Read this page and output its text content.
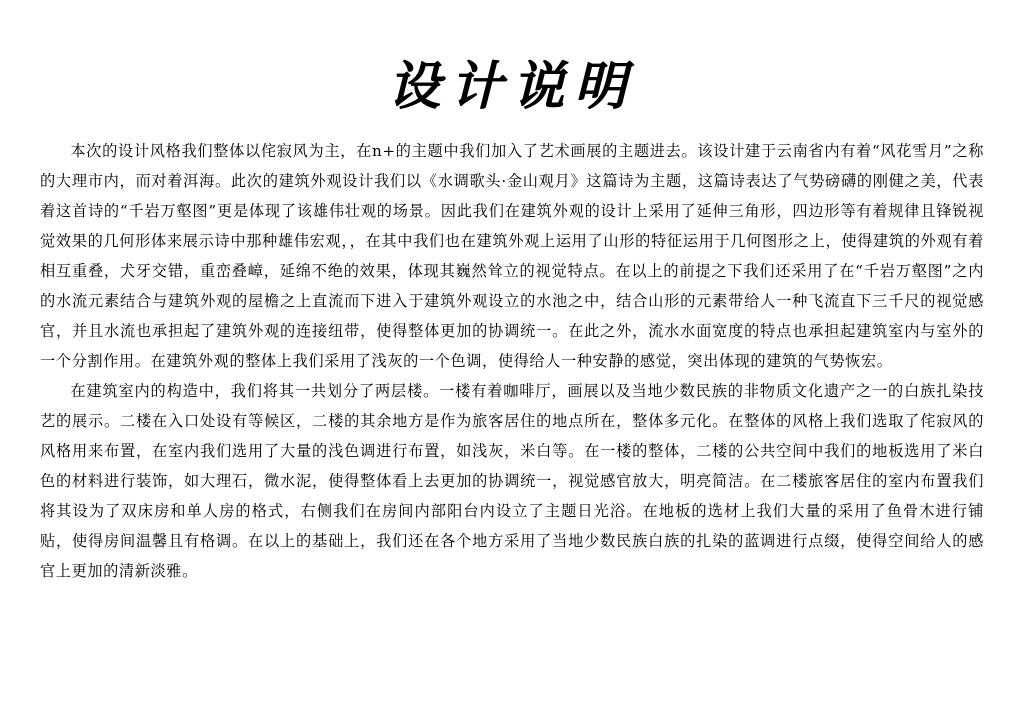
设计说明

本次的设计风格我们整体以侘寂风为主，在n+的主题中我们加入了艺术画展的主题进去。该设计建于云南省内有着“风花雪月”之称的大理市内，而对着洱海。此次的建筑外观设计我们以《水调歌头·金山观月》这篇诗为主题，这篇诗表达了气势磅礴的刚健之美，代表着这首诗的“千岩万壑图”更是体现了该雄伟壮观的场景。因此我们在建筑外观的设计上采用了延伸三角形，四边形等有着规律且锋锐视觉效果的几何形体来展示诗中那种雄伟宏观，，在其中我们也在建筑外观上运用了山形的特征运用于几何图形之上，使得建筑的外观有着相互重叠，犬牙交错，重峦叠嶂，延绵不绝的效果，体现其巍然耸立的视觉特点。在以上的前提之下我们还采用了在“千岩万壑图”之内的水流元素结合与建筑外观的屋檐之上直流而下进入于建筑外观设立的水池之中，结合山形的元素带给人一种飞流直下三千尺的视觉感官，并且水流也承担起了建筑外观的连接纽带，使得整体更加的协调统一。在此之外，流水水面宽度的特点也承担起建筑室内与室外的一个分割作用。在建筑外观的整体上我们采用了浅灰的一个色调，使得给人一种安静的感觉，突出体现的建筑的气势恢宏。

在建筑室内的构造中，我们将其一共划分了两层楼。一楼有着咖啡厅，画展以及当地少数民族的非物质文化遗产之一的白族扎染技艺的展示。二楼在入口处设有等候区，二楼的其余地方是作为旅客居住的地点所在，整体多元化。在整体的风格上我们选取了侘寂风的风格用来布置，在室内我们选用了大量的浅色调进行布置，如浅灰，米白等。在一楼的整体，二楼的公共空间中我们的地板选用了米白色的材料进行装饰，如大理石，微水泥，使得整体看上去更加的协调统一，视觉感官放大，明亮简洁。在二楼旅客居住的室内布置我们将其设为了双床房和单人房的格式，右侧我们在房间内部阳台内设立了主题日光浴。在地板的选材上我们大量的采用了鱼骨木进行铺贴，使得房间温馨且有格调。在以上的基础上，我们还在各个地方采用了当地少数民族白族的扎染的蓝调进行点缀，使得空间给人的感官上更加的清新淡雅。
